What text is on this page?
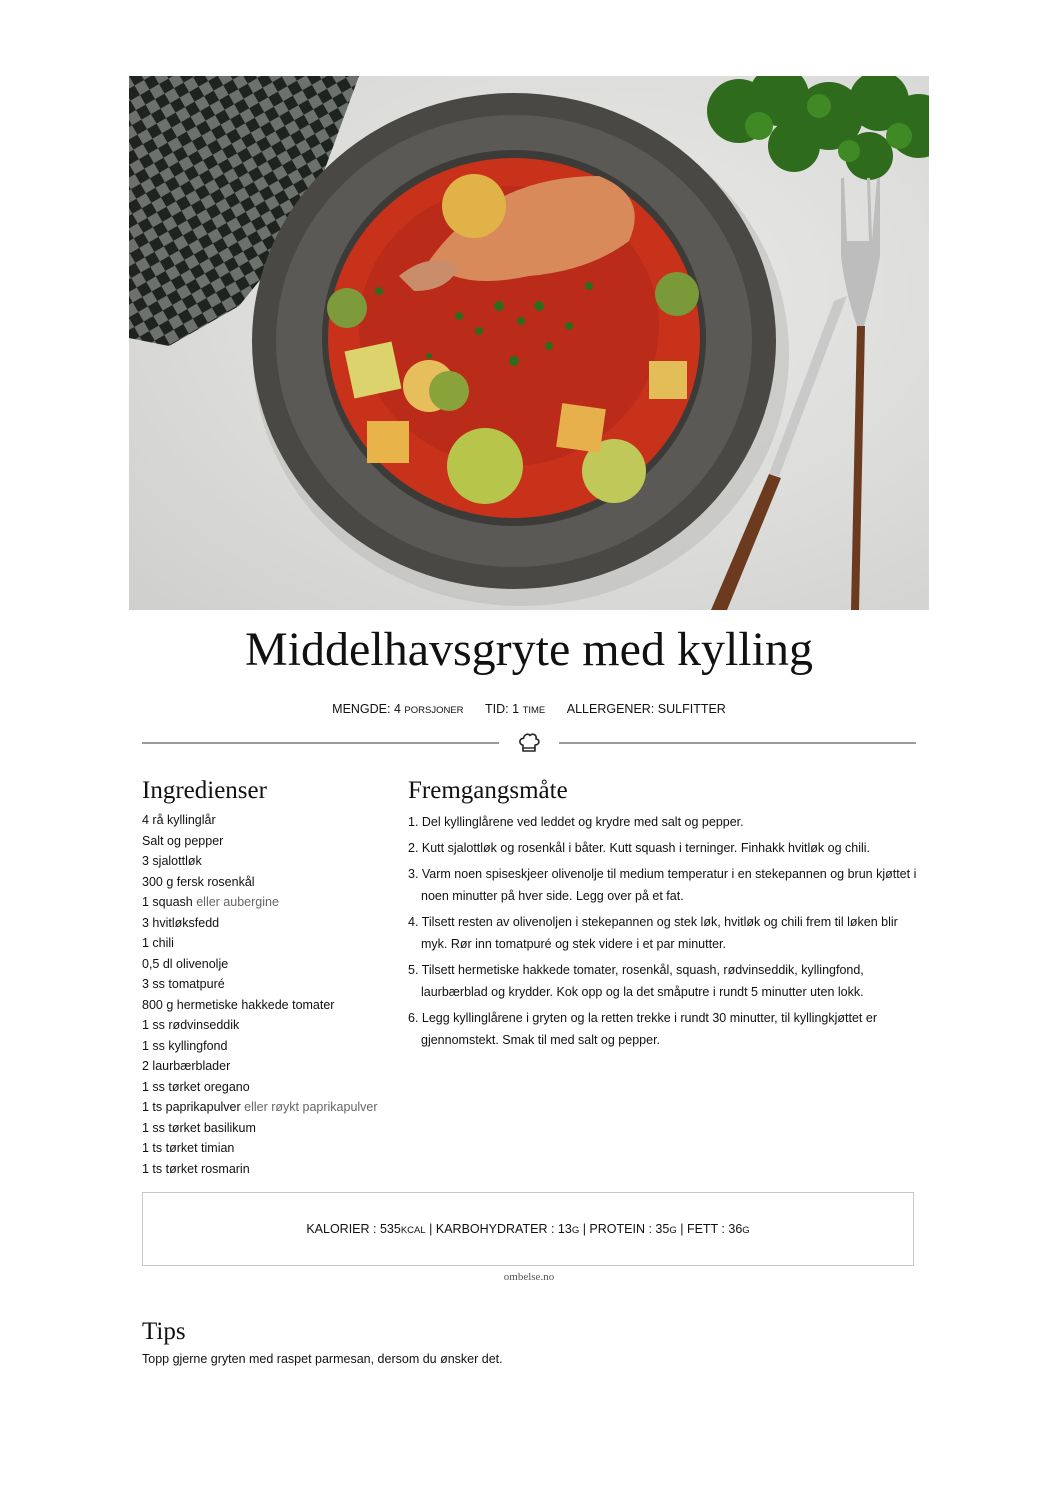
Middelhavsgryte med kylling
MENGDE: 4 PORSJONER TID: 1 TIME ALLERGENER: SULFITTER
Ingredienser
4 rå kyllinglår
Salt og pepper
3 sjalottløk
300 g fersk rosenkål
1 squash eller aubergine
3 hvitløksfedd
1 chili
0,5 dl olivenolje
3 ss tomatpuré
800 g hermetiske hakkede tomater
1 ss rødvinseddik
1 ss kyllingfond
2 laurbærblader
1 ss tørket oregano
1 ts paprikapulver eller røykt paprikapulver
1 ss tørket basilikum
1 ts tørket timian
1 ts tørket rosmarin
Fremgangsmåte
1. Del kyllinglårene ved leddet og krydre med salt og pepper.
2. Kutt sjalottløk og rosenkål i båter. Kutt squash i terninger. Finhakk hvitløk og chili.
3. Varm noen spiseskjeer olivenolje til medium temperatur i en stekepannen og brun kjøttet i noen minutter på hver side. Legg over på et fat.
4. Tilsett resten av olivenoljen i stekepannen og stek løk, hvitløk og chili frem til løken blir myk. Rør inn tomatpuré og stek videre i et par minutter.
5. Tilsett hermetiske hakkede tomater, rosenkål, squash, rødvinseddik, kyllingfond, laurbærblad og krydder. Kok opp og la det småputre i rundt 5 minutter uten lokk.
6. Legg kyllinglårene i gryten og la retten trekke i rundt 30 minutter, til kyllingkjøttet er gjennomstekt. Smak til med salt og pepper.
KALORIER : 535KCAL | KARBOHYDRATER : 13G | PROTEIN : 35G | FETT : 36G
ombelse.no
Tips
Topp gjerne gryten med raspet parmesan, dersom du ønsker det.
